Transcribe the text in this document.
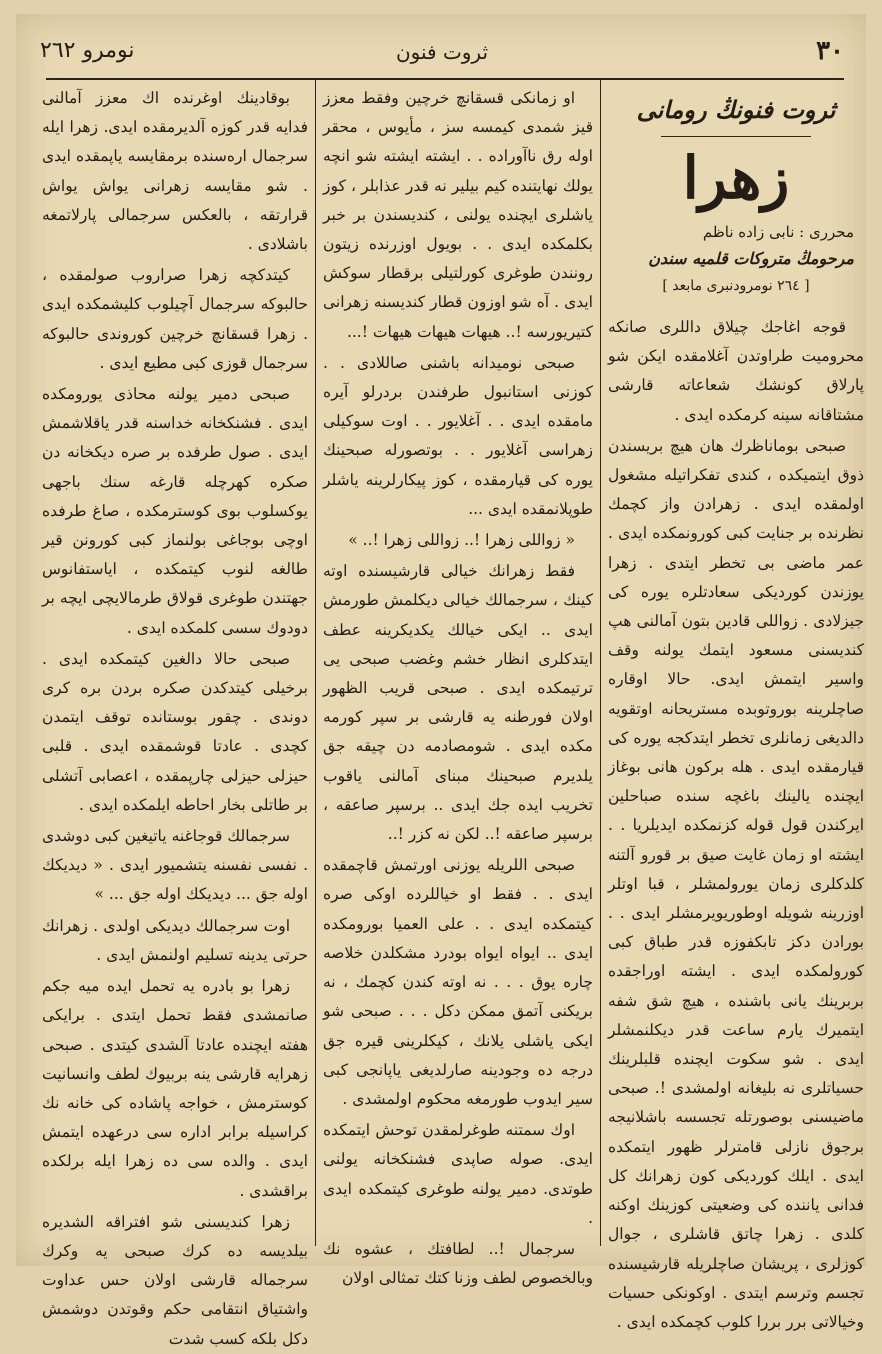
٣٠
ثروت فنون
نومرو ٢٦٢
ثروت فنونڭ رومانی
زهرا
محرری : نابی زاده ناظم
مرحومڭ متروكات قلمیه سندن
[ ٢٦٤ نومرودنبری مابعد ]

قوجه اغاجك چیلاق داللری صانكه محرومیت طراوتدن آغلامقده ایكن شو پارلاق كونشك شعاعاته قارشی مشتاقانه سینه كرمكده ایدی .

صبحی بوماناظرك هان هیچ بریسندن ذوق ایتمیكده ، كندی تفكراتیله مشغول اولمقده ایدی . زهرادن واز كچمك نظرنده بر جنایت كبی كورونمكده ایدی . عمر ماضی بی تخطر ایتدی . زهرا یوزندن كوردیكی سعادتلره یوره كی جیزلادی . زواللی قادین بتون آمالنی هپ كندیسنی مسعود ایتمك یولنه وقف واسیر ایتمش ایدی. حالا اوقاره صاچلرینه بوروتوبده مستریحانه اوتقویه دالدیغی زمانلری تخطر ایتدكجه یوره كی قیارمقده ایدی . هله بركون هانی بوغاز ایچنده یالینك باغچه سنده صباحلین ایركندن قول قوله كزنمكده ایدیلریا . . ایشته او زمان غایت صیق بر قورو آلتنه كلدكلری زمان یورولمشلر ، قبا اوتلر اوزرینه شویله اوطوریویرمشلر ایدی . . بورادن دكز تابكفوزه قدر طباق كبی كورولمكده ایدی . ایشته اوراجقده بربرینك یانی باشنده ، هیچ شق شفه ایتمیرك یارم ساعت قدر دیكلنمشلر ایدی . شو سكوت ایچنده قلبلرینك حسیاتلری نه بلیغانه اولمشدی !. صبحی ماضیسنی بوصورتله تجسسه باشلانیجه برجوق نازلی قامترلر ظهور ایتمكده ایدی . ایلك كوردیكی كون زهرانك كل فدانی یاننده كی وضعیتی كوزینك اوكنه كلدی . زهرا چاتق قاشلری ، جوال كوزلری ، پریشان صاچلریله قارشیسنده تجسم وترسم ایتدی . اوكونكی حسیات وخیالاتی برر بررا كلوب كچمكده ایدی .

او زمانكی قسقانچ خرچین وفقط معزز قیز شمدی كیمسه سز ، مأیوس ، محقر اوله رق ناآورادە . . ایشته ایشته شو انچه یولك نهایتنده كیم بیلیر نه قدر عذابلر ، كوز یاشلری ایچنده یولنی ، كندیسندن بر خبر بكلمكده ایدی . . بویول اوزرنده زیتون رونندن طوغری كورلتیلی برقطار سوكش ایدی . آه شو اوزون قطار كندیسنه زهرانی كتیریورسه !.. هیهات هیهات هیهات !...

صبحی نومیدانه باشنی صاللادی . . كوزنی استانبول طرفندن بردرلو آیره مامقده ایدی . . آغلایور . . اوت سوكیلی زهراسی آغلایور . . بوتصورله صبحینك یوره كی قیارمقده ، كوز پیكارلرینه یاشلر طوپلانمقده ایدی ...

« زواللی زهرا !.. زواللی زهرا !.. »

فقط زهرانك خیالی قارشیسنده اوته كینك ، سرجمالك خیالی دیكلمش طورمش ایدی .. ایكی خیالك یكدیكرینه عطف ایتدكلری انظار خشم وغضب صبحی یی ترتیمكده ایدی . صبحی قریب الظهور اولان فورطنه یه قارشی بر سپر كورمه مكده ایدی . شومصادمه دن چیقه جق یلدیرم صبحینك مبنای آمالنی یاقوب تخریب ایده جك ایدی .. برسپر صاعقه ، برسپر صاعقه !.. لكن نه كزر !..

صبحی اللریله یوزنی اورتمش قاچمقده ایدی . . فقط او خیاللرده اوكی صره كیتمكده ایدی . . علی العمیا بورومكده ایدی .. ایواه ایواه بودرد مشكلدن خلاصه چاره یوق . . . نه اوته كندن كچمك ، نه بریكنی آتمق ممكن دكل . . . صبحی شو ایكی یاشلی یلانك ، كیكلرینی قیره جق درجه ده وجودینه صارلدیغی یاپانجی كبی سیر ایدوب طورمغه محكوم اولمشدی .

اوك سمتنه طوغرلمقدن توحش ایتمكده ایدی. صوله صاپدی فشنكخانه یولنی طوتدی. دمیر یولنه طوغری كیتمكده ایدی .

سرجمال !.. لطافتك ، عشوه نك وبالخصوص لطف وزنا كتك تمثالی اولان

بوقادینك اوغرنده اك معزز آمالنی فدایه قدر كوزه آلدیرمقده ایدی. زهرا ایله سرجمال ارەسنده برمقایسه یاپمقده ایدی . شو مقایسه زهرانی یواش یواش قرارتقه ، بالعكس سرجمالی پارلاتمغه باشلادی .

كیتدكچه زهرا صراروب صولمقده ، حالبوكه سرجمال آچیلوب كلیشمكده ایدی . زهرا قسقانچ خرچین كوروندی حالبوكه سرجمال قوزی كبی مطیع ایدی .

صبحی دمیر یولنه محاذی یورومكده ایدی . فشنكخانه خداسنه قدر یاقلاشمش ایدی . صول طرفده بر صره دیكخانه دن صكره كهرچله قارغه سنك باجهی یوكسلوب بوی كوسترمكده ، صاغ طرفده اوچی بوجاغی بولنماز كبی كورونن قیر طالغه لنوب كیتمكده ، ایاستفانوس جهتندن طوغری قولاق طرمالایچی ایچه بر دودوك سسی كلمكده ایدی .

صبحی حالا دالغین كیتمكده ایدی . برخیلی كیتدكدن صكره بردن بره كری دوندی . چقور بوستانده توقف ایتمدن كچدی . عادتا قوشمقده ایدی . قلبی حیزلی حیزلی چارپمقده ، اعصابی آتشلی بر طاتلی بخار احاطه ایلمكده ایدی .

سرجمالك قوجاغنه یاتیغین كبی دوشدی . نفسی نفسنه یتشمیور ایدی . « دیدیكك اوله جق ... دیدیكك اوله جق ... »

اوت سرجمالك دیدیكی اولدی . زهرانك حرتی یدینه تسلیم اولنمش ایدی .

زهرا بو بادره یه تحمل ایده میه جكم صانمشدی فقط تحمل ایتدی . برایكی هفته ایچنده عادتا آلشدی كیتدی . صبحی زهرایه قارشی ینه بربیوك لطف وانسانیت كوسترمش ، خواجه پاشاده كی خانه نك كراسیله برابر اداره سی درعهده ایتمش ایدی . والده سی ده زهرا ایله برلكده براقشدی .

زهرا كندیسنی شو افتراقه الشدیره بیلدیسه ده كرك صبحی یه وكرك سرجماله قارشی اولان حس عداوت واشتیاق انتقامی حكم وقوتدن دوشمش دكل بلكه كسب شدت
